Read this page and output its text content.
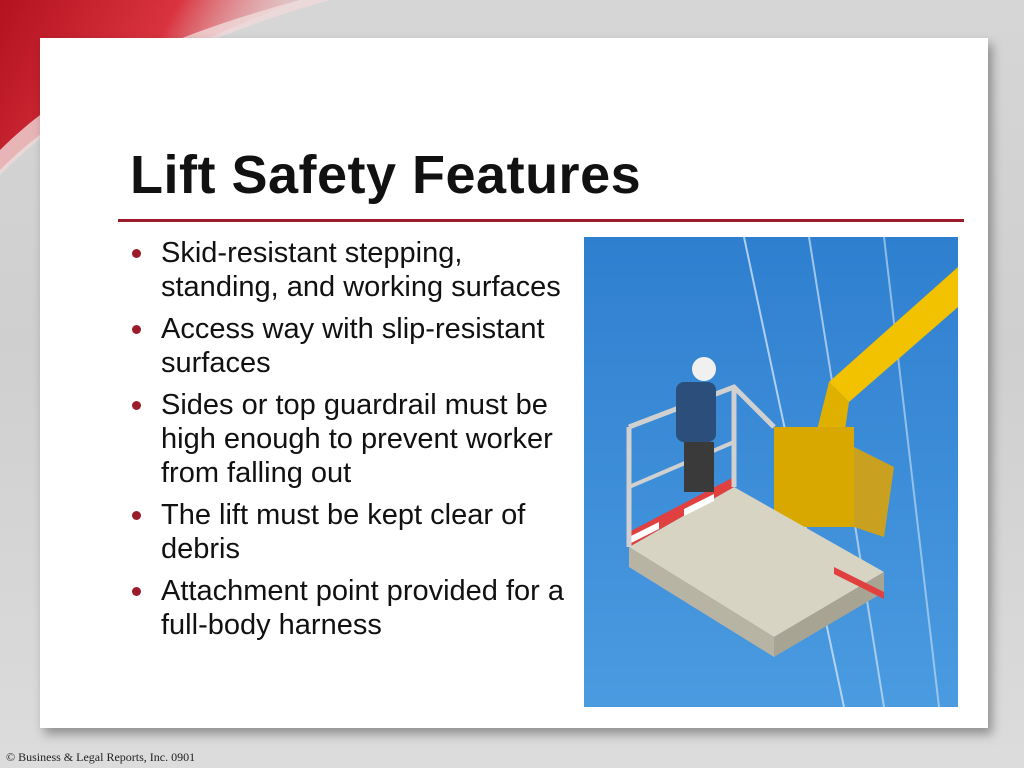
Lift Safety Features
Skid-resistant stepping, standing, and working surfaces
Access way with slip-resistant surfaces
Sides or top guardrail must be high enough to prevent worker from falling out
The lift must be kept clear of debris
Attachment point provided for a full-body harness
© Business & Legal Reports, Inc. 0901
